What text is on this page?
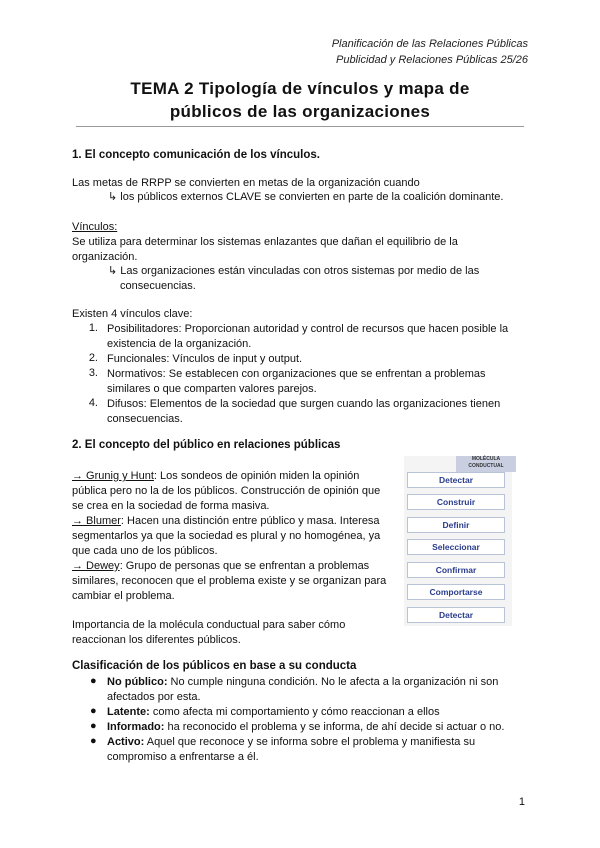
Planificación de las Relaciones Públicas
Publicidad y Relaciones Públicas 25/26
TEMA 2 Tipología de vínculos y mapa de
públicos de las organizaciones
1. El concepto comunicación de los vínculos.
Las metas de RRPP se convierten en metas de la organización cuando
↳ los públicos externos CLAVE se convierten en parte de la coalición dominante.
Vínculos:
Se utiliza para determinar los sistemas enlazantes que dañan el equilibrio de la
organización.
↳ Las organizaciones están vinculadas con otros sistemas por medio de las
consecuencias.
Existen 4 vínculos clave:
1. Posibilitadores: Proporcionan autoridad y control de recursos que hacen posible la
existencia de la organización.
2. Funcionales: Vínculos de input y output.
3. Normativos: Se establecen con organizaciones que se enfrentan a problemas
similares o que comparten valores parejos.
4. Difusos: Elementos de la sociedad que surgen cuando las organizaciones tienen
consecuencias.
2. El concepto del público en relaciones públicas
→ Grunig y Hunt: Los sondeos de opinión miden la opinión
pública pero no la de los públicos. Construcción de opinión que
se crea en la sociedad de forma masiva.
→ Blumer: Hacen una distinción entre público y masa. Interesa
segmentarlos ya que la sociedad es plural y no homogénea, ya
que cada uno de los públicos.
→ Dewey: Grupo de personas que se enfrentan a problemas
similares, reconocen que el problema existe y se organizan para
cambiar el problema.
Importancia de la molécula conductual para saber cómo
reaccionan los diferentes públicos.
MOLÉCULA CONDUCTUAL
Detectar
Construir
Definir
Seleccionar
Confirmar
Comportarse
Detectar
Clasificación de los públicos en base a su conducta
● No público: No cumple ninguna condición. No le afecta a la organización ni son
afectados por esta.
● Latente: como afecta mi comportamiento y cómo reaccionan a ellos
● Informado: ha reconocido el problema y se informa, de ahí decide si actuar o no.
● Activo: Aquel que reconoce y se informa sobre el problema y manifiesta su
compromiso a enfrentarse a él.
1
